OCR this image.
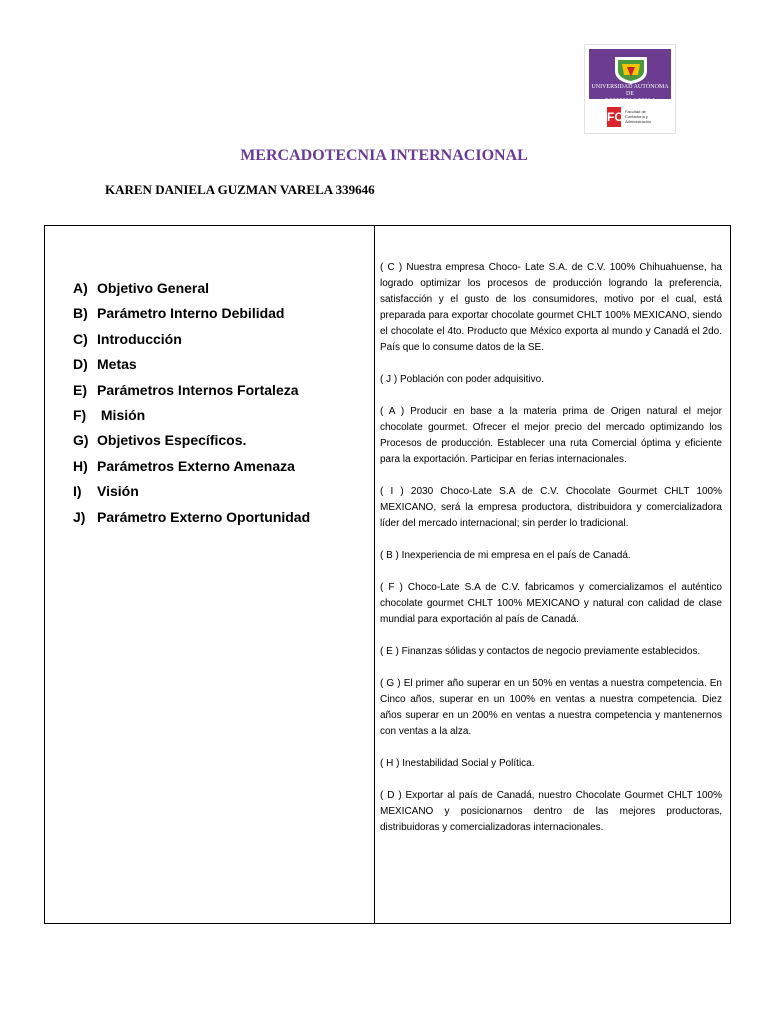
UNIVERSIDAD AUTÓNOMA DE
CHIHUAHUA
FCA
Facultad de
Contaduría y
Administración
MERCADOTECNIA INTERNACIONAL
KAREN DANIELA GUZMAN VARELA 339646
A) Objetivo General
B) Parámetro Interno Debilidad
C) Introducción
D) Metas
E) Parámetros Internos Fortaleza
F) Misión
G) Objetivos Específicos.
H) Parámetros Externo Amenaza
I) Visión
J) Parámetro Externo Oportunidad

( C ) Nuestra empresa Choco- Late S.A. de C.V. 100% Chihuahuense, ha logrado optimizar los procesos de producción logrando la preferencia, satisfacción y el gusto de los consumidores, motivo por el cual, está preparada para exportar chocolate gourmet CHLT 100% MEXICANO, siendo el chocolate el 4to. Producto que México exporta al mundo y Canadá el 2do. País que lo consume datos de la SE.

( J ) Población con poder adquisitivo.

( A ) Producir en base a la materia prima de Origen natural el mejor chocolate gourmet. Ofrecer el mejor precio del mercado optimizando los Procesos de producción. Establecer una ruta Comercial óptima y eficiente para la exportación. Participar en ferias internacionales.

( I ) 2030 Choco-Late S.A de C.V. Chocolate Gourmet CHLT 100% MEXICANO, será la empresa productora, distribuidora y comercializadora líder del mercado internacional; sin perder lo tradicional.

( B ) Inexperiencia de mi empresa en el país de Canadá.

( F ) Choco-Late S.A de C.V. fabricamos y comercializamos el auténtico chocolate gourmet CHLT 100% MEXICANO y natural con calidad de clase mundial para exportación al país de Canadá.

( E ) Finanzas sólidas y contactos de negocio previamente establecidos.

( G ) El primer año superar en un 50% en ventas a nuestra competencia. En Cinco años, superar en un 100% en ventas a nuestra competencia. Diez años superar en un 200% en ventas a nuestra competencia y mantenernos con ventas a la alza.

( H ) Inestabilidad Social y Política.

( D ) Exportar al país de Canadá, nuestro Chocolate Gourmet CHLT 100% MEXICANO y posicionarnos dentro de las mejores productoras, distribuidoras y comercializadoras internacionales.
